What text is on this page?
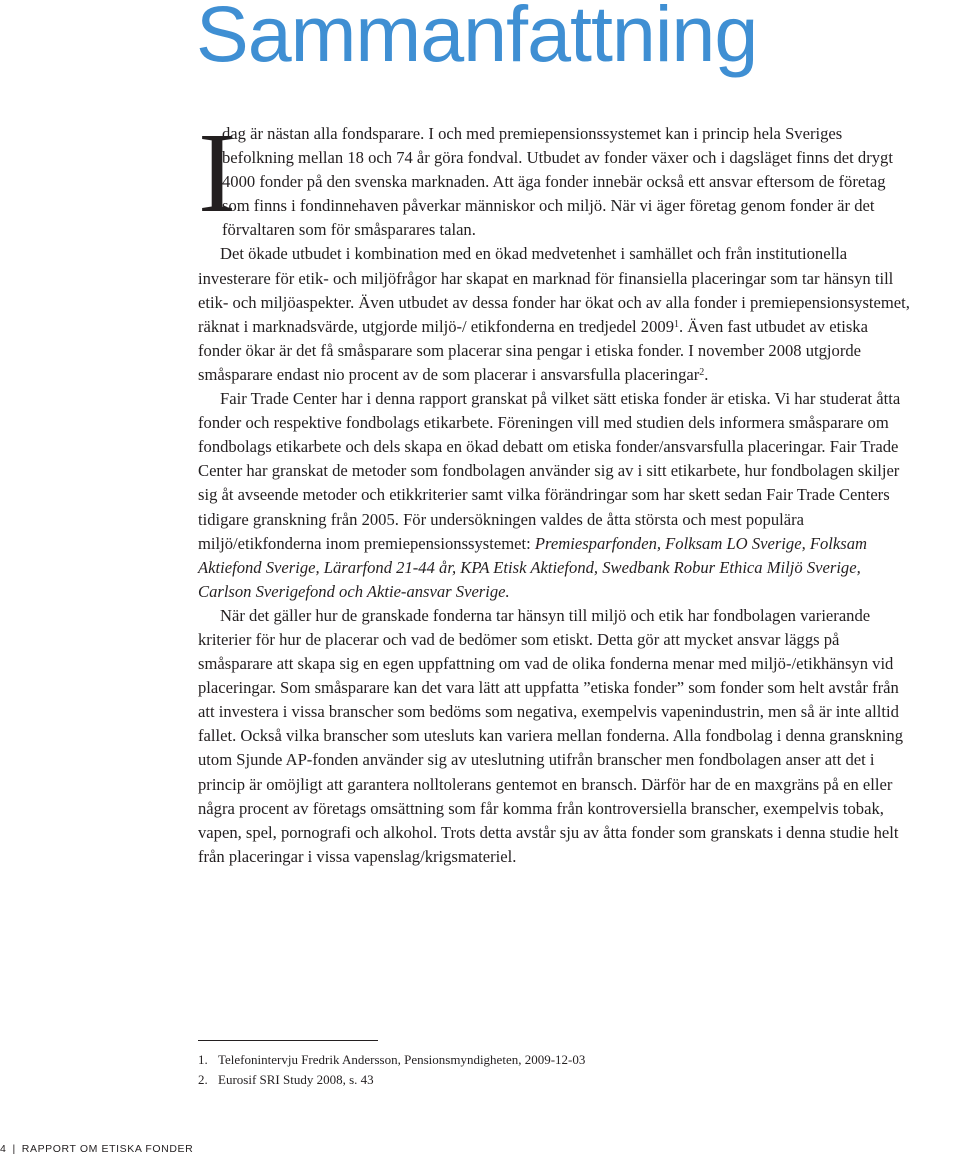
Sammanfattning

I
dag är nästan alla fondsparare. I och med premiepensionssystemet kan i princip hela Sveriges befolkning mellan 18 och 74 år göra fondval. Utbudet av fonder växer och i dagsläget finns det drygt 4000 fonder på den svenska marknaden. Att äga fonder innebär också ett ansvar eftersom de företag som finns i fondinnehaven påverkar människor och miljö. När vi äger företag genom fonder är det förvaltaren som för småsparares talan.

Det ökade utbudet i kombination med en ökad medvetenhet i samhället och från institutionella investerare för etik- och miljöfrågor har skapat en marknad för finansiella placeringar som tar hänsyn till etik- och miljöaspekter. Även utbudet av dessa fonder har ökat och av alla fonder i premiepensionsystemet, räknat i marknadsvärde, utgjorde miljö-/ etikfonderna en tredjedel 2009$^1$. Även fast utbudet av etiska fonder ökar är det få småsparare som placerar sina pengar i etiska fonder. I november 2008 utgjorde småsparare endast nio procent av de som placerar i ansvarsfulla placeringar$^2$.

Fair Trade Center har i denna rapport granskat på vilket sätt etiska fonder är etiska. Vi har studerat åtta fonder och respektive fondbolags etikarbete. Föreningen vill med studien dels informera småsparare om fondbolags etikarbete och dels skapa en ökad debatt om etiska fonder/ansvarsfulla placeringar. Fair Trade Center har granskat de metoder som fondbolagen använder sig av i sitt etikarbete, hur fondbolagen skiljer sig åt avseende metoder och etikkriterier samt vilka förändringar som har skett sedan Fair Trade Centers tidigare granskning från 2005. För undersökningen valdes de åtta största och mest populära miljö/etikfonderna inom premiepensionssystemet: Premiesparfonden, Folksam LO Sverige, Folksam Aktiefond Sverige, Lärarfond 21-44 år, KPA Etisk Aktiefond, Swedbank Robur Ethica Miljö Sverige, Carlson Sverigefond och Aktie-ansvar Sverige.

När det gäller hur de granskade fonderna tar hänsyn till miljö och etik har fondbolagen varierande kriterier för hur de placerar och vad de bedömer som etiskt. Detta gör att mycket ansvar läggs på småsparare att skapa sig en egen uppfattning om vad de olika fonderna menar med miljö-/etikhänsyn vid placeringar. Som småsparare kan det vara lätt att uppfatta ”etiska fonder” som fonder som helt avstår från att investera i vissa branscher som bedöms som negativa, exempelvis vapenindustrin, men så är inte alltid fallet. Också vilka branscher som utesluts kan variera mellan fonderna. Alla fondbolag i denna granskning utom Sjunde AP-fonden använder sig av uteslutning utifrån branscher men fondbolagen anser att det i princip är omöjligt att garantera nolltolerans gentemot en bransch. Därför har de en maxgräns på en eller några procent av företags omsättning som får komma från kontroversiella branscher, exempelvis tobak, vapen, spel, pornografi och alkohol. Trots detta avstår sju av åtta fonder som granskats i denna studie helt från placeringar i vissa vapenslag/krigsmateriel.

1. Telefonintervju Fredrik Andersson, Pensionsmyndigheten, 2009-12-03
2. Eurosif SRI Study 2008, s. 43
4 | RAPPORT OM ETISKA FONDER
